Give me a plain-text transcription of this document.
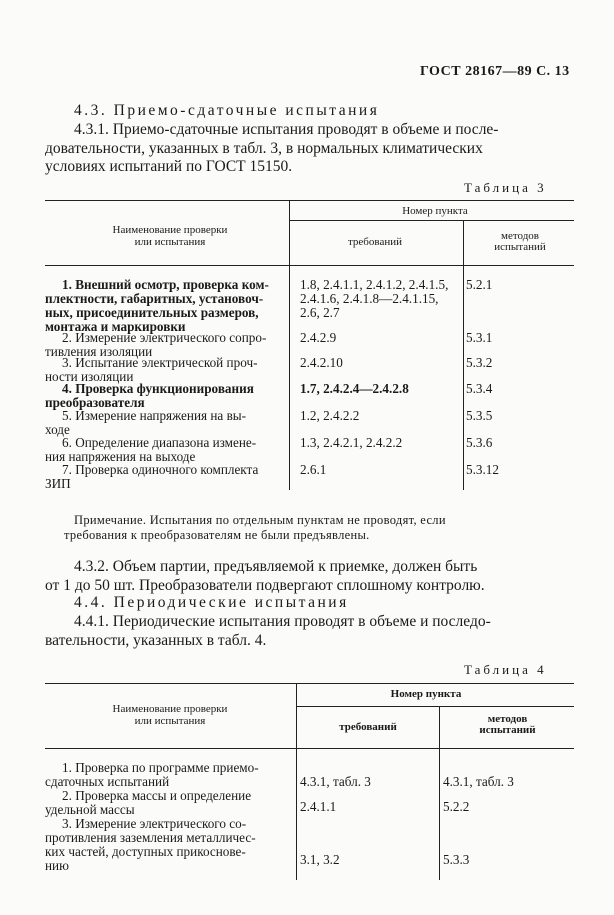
ГОСТ 28167—89 С. 13
4.3. Приемо-сдаточные испытания
4.3.1. Приемо-сдаточные испытания проводят в объеме и после-
довательности, указанных в табл. 3, в нормальных климатических
условиях испытаний по ГОСТ 15150.
Таблица 3
Наименование проверки
или испытания
Номер пункта
требований	методов
испытаний
1. Внешний осмотр, проверка ком-
плектности, габаритных, установоч-
ных, присоединительных размеров,
монтажа и маркировки
1.8, 2.4.1.1, 2.4.1.2, 2.4.1.5,
2.4.1.6, 2.4.1.8—2.4.1.15,
2.6, 2.7
5.2.1
2. Измерение электрического сопро-
тивления изоляции
2.4.2.9	5.3.1
3. Испытание электрической проч-
ности изоляции
2.4.2.10	5.3.2
4. Проверка функционирования
преобразователя
1.7, 2.4.2.4—2.4.2.8	5.3.4
5. Измерение напряжения на вы-
ходе
1.2, 2.4.2.2	5.3.5
6. Определение диапазона измене-
ния напряжения на выходе
1.3, 2.4.2.1, 2.4.2.2	5.3.6
7. Проверка одиночного комплекта
ЗИП
2.6.1	5.3.12
Примечание. Испытания по отдельным пунктам не проводят, если
требования к преобразователям не были предъявлены.
4.3.2. Объем партии, предъявляемой к приемке, должен быть
от 1 до 50 шт. Преобразователи подвергают сплошному контролю.
4.4. Периодические испытания
4.4.1. Периодические испытания проводят в объеме и последо-
вательности, указанных в табл. 4.
Таблица 4
Наименование проверки
или испытания
Номер пункта
требований
методов
испытаний
1. Проверка по программе приемо-
сдаточных испытаний	4.3.1, табл. 3	4.3.1, табл. 3
2. Проверка массы и определение
удельной массы	2.4.1.1	5.2.2
3. Измерение электрического со-
противления заземления металличес-
ких частей, доступных прикоснове-
нию	3.1, 3.2	5.3.3
